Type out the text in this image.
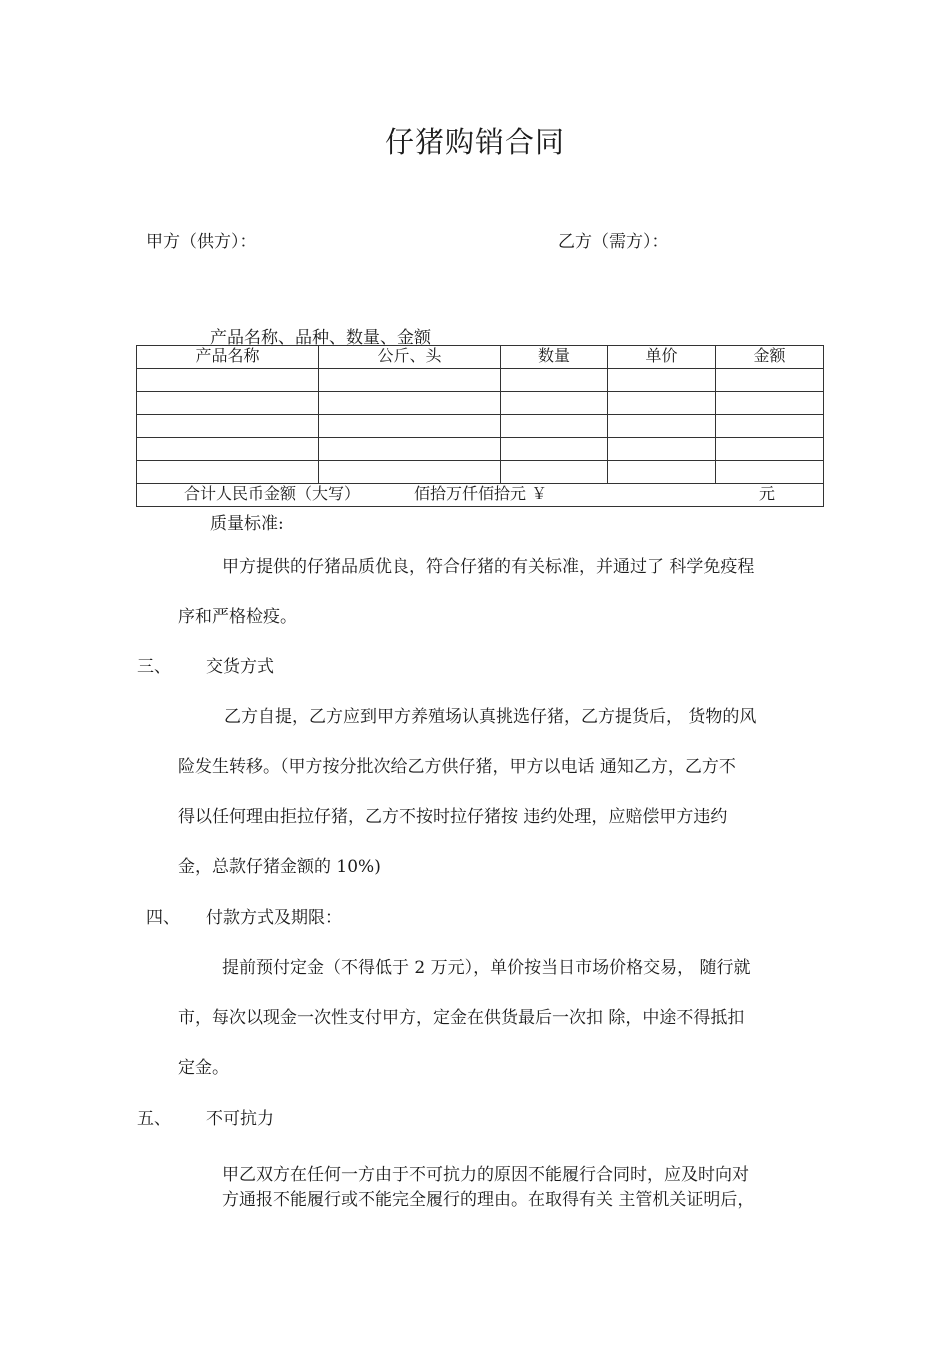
仔猪购销合同
甲方（供方）：	乙方（需方）：
产品名称、品种、数量、金额
产品名称	公斤、头	数量	单价	金额

合计人民币金额（大写） 佰拾万仟佰拾元 ￥ 元				
质量标准:
甲方提供的仔猪品质优良，符合仔猪的有关标准，并通过了 科学免疫程
序和严格检疫。
三、 交货方式
乙方自提，乙方应到甲方养殖场认真挑选仔猪，乙方提货后， 货物的风
险发生转移。（甲方按分批次给乙方供仔猪，甲方以电话 通知乙方，乙方不
得以任何理由拒拉仔猪，乙方不按时拉仔猪按 违约处理，应赔偿甲方违约
金，总款仔猪金额的 10%)
四、 付款方式及期限：
提前预付定金（不得低于 2 万元），单价按当日市场价格交易， 随行就
市，每次以现金一次性支付甲方，定金在供货最后一次扣 除，中途不得抵扣
定金。
五、 不可抗力
甲乙双方在任何一方由于不可抗力的原因不能履行合同时，应及时向对
方通报不能履行或不能完全履行的理由。在取得有关 主管机关证明后，
